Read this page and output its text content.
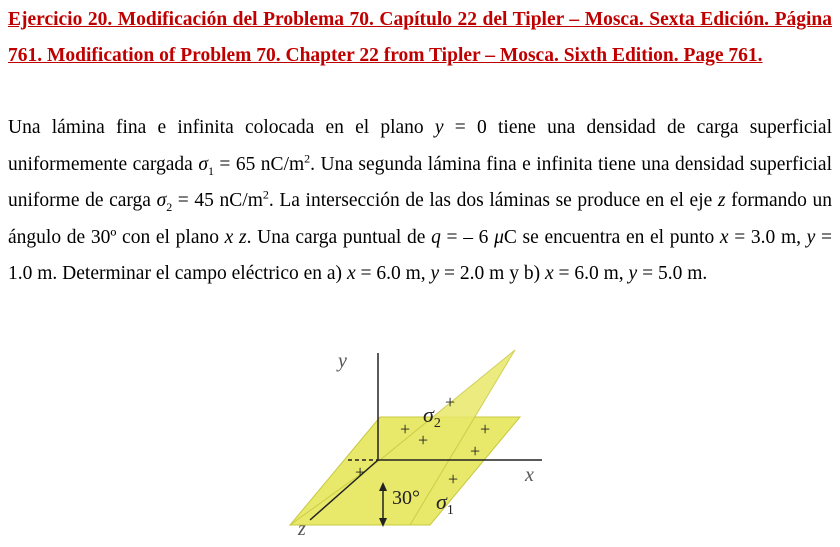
Ejercicio 20. Modificación del Problema 70. Capítulo 22 del Tipler – Mosca. Sexta Edición. Página 761. Modification of Problem 70. Chapter 22 from Tipler – Mosca. Sixth Edition. Page 761.
Una lámina fina e infinita colocada en el plano y = 0 tiene una densidad de carga superficial uniformemente cargada $\sigma_1 = 65$ $nC/m^2$. Una segunda lámina fina e infinita tiene una densidad superficial uniforme de carga $\sigma_2 = 45$ $nC/m^2$. La intersección de las dos láminas se produce en el eje z formando un ángulo de 30º con el plano x z. Una carga puntual de q = – 6 μC se encuentra en el punto x = 3.0 m, y = 1.0 m. Determinar el campo eléctrico en a) x = 6.0 m, y = 2.0 m y b) x = 6.0 m, y = 5.0 m.
y
x
z
30°
$\sigma_2$
$\sigma_1$
+
+
+
+
+
+	+
